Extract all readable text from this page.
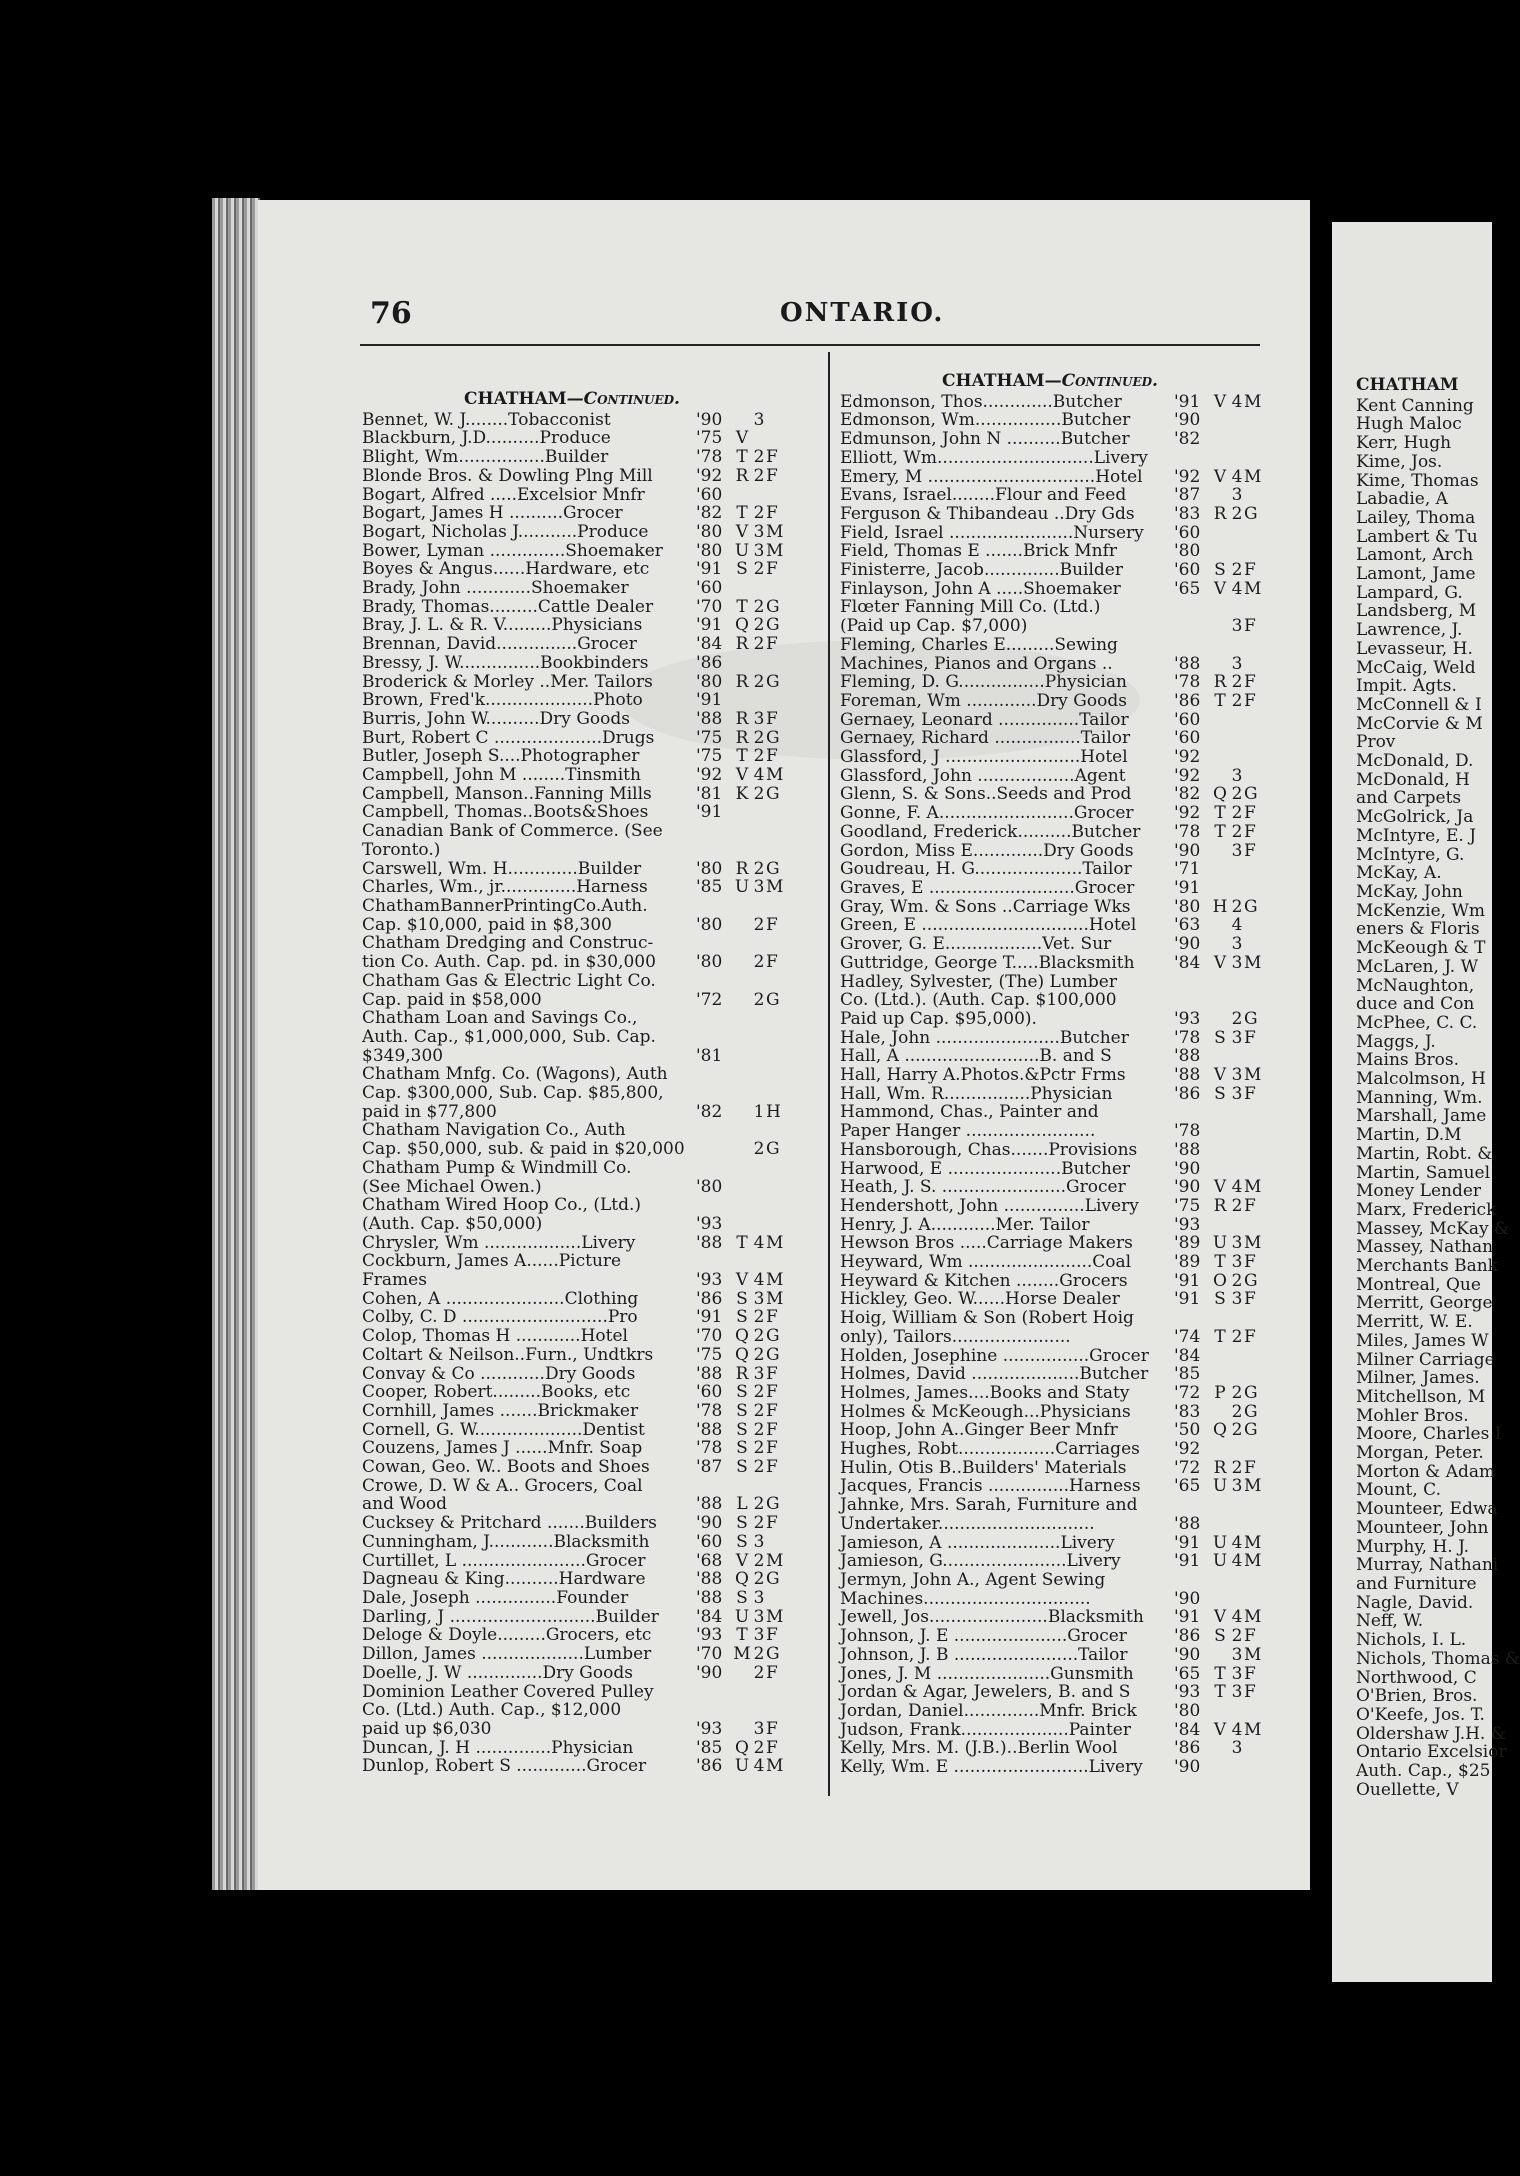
76	ONTARIO.
CHATHAM—Continued.
Bennet, W. J........Tobacconist	'90	3
Blackburn, J.D..........Produce	'75 V
Blight, Wm................Builder	'78 T 2 F
Blonde Bros. & Dowling Plng Mill	'92 R 2 F
Bogart, Alfred .....Excelsior Mnfr	'60
Bogart, James H ..........Grocer	'82 T 2 F
Bogart, Nicholas J...........Produce	'80 V 3 M
Bower, Lyman ..............Shoemaker	'80 U 3 M
Boyes & Angus......Hardware, etc	'91 S 2 F
Brady, John ............Shoemaker	'60
Brady, Thomas.........Cattle Dealer	'70 T 2 G
Bray, J. L. & R. V.........Physicians	'91 Q 2 G
Brennan, David...............Grocer	'84 R 2 F
Bressy, J. W...............Bookbinders	'86
Broderick & Morley ..Mer. Tailors	'80 R 2 G
Brown, Fred'k....................Photo	'91
Burris, John W..........Dry Goods	'88 R 3 F
Burt, Robert C ....................Drugs	'75 R 2 G
Butler, Joseph S....Photographer	'75 T 2 F
Campbell, John M ........Tinsmith	'92 V 4 M
Campbell, Manson..Fanning Mills	'81 K 2 G
Campbell, Thomas..Boots&Shoes	'91
Canadian Bank of Commerce. (See
Toronto.)
Carswell, Wm. H.............Builder	'80 R 2 G
Charles, Wm., jr..............Harness	'85 U 3 M
ChathamBannerPrintingCo.Auth.
Cap. $10,000, paid in $8,300	'80	2 F
Chatham Dredging and Construc-
tion Co. Auth. Cap. pd. in $30,000	'80	2 F
Chatham Gas & Electric Light Co.
Cap. paid in $58,000	'72	2 G
Chatham Loan and Savings Co.,
Auth. Cap., $1,000,000, Sub. Cap.
$349,300	'81
Chatham Mnfg. Co. (Wagons), Auth
Cap. $300,000, Sub. Cap. $85,800,
paid in $77,800	'82	1 H
Chatham Navigation Co., Auth
Cap. $50,000, sub. & paid in $20,000	2 G
Chatham Pump & Windmill Co.
(See Michael Owen.)	'80
Chatham Wired Hoop Co., (Ltd.)
(Auth. Cap. $50,000)	'93
Chrysler, Wm ..................Livery	'88 T 4 M
Cockburn, James A......Picture
Frames	'93 V 4 M
Cohen, A ......................Clothing	'86 S 3 M
Colby, C. D ...........................Pro	'91 S 2 F
Colop, Thomas H ............Hotel	'70 Q 2 G
Coltart & Neilson..Furn., Undtkrs	'75 Q 2 G
Convay & Co ............Dry Goods	'88 R 3 F
Cooper, Robert.........Books, etc	'60 S 2 F
Cornhill, James .......Brickmaker	'78 S 2 F
Cornell, G. W....................Dentist	'88 S 2 F
Couzens, James J ......Mnfr. Soap	'78 S 2 F
Cowan, Geo. W.. Boots and Shoes	'87 S 2 F
Crowe, D. W & A.. Grocers, Coal
and Wood	'88 L 2 G
Cucksey & Pritchard .......Builders	'90 S 2 F
Cunningham, J............Blacksmith	'60 S 3
Curtillet, L .......................Grocer	'68 V 2 M
Dagneau & King..........Hardware	'88 Q 2 G
Dale, Joseph ...............Founder	'88 S 3
Darling, J ...........................Builder	'84 U 3 M
Deloge & Doyle.........Grocers, etc	'93 T 3 F
Dillon, James ...................Lumber	'70 M 2 G
Doelle, J. W ..............Dry Goods	'90	2 F
Dominion Leather Covered Pulley
Co. (Ltd.) Auth. Cap., $12,000
paid up $6,030	'93	3 F
Duncan, J. H ..............Physician	'85 Q 2 F
Dunlop, Robert S .............Grocer	'86 U 4 M
CHATHAM—Continued.
Edmonson, Thos.............Butcher	'91 V 4 M
Edmonson, Wm................Butcher	'90
Edmunson, John N ..........Butcher	'82
Elliott, Wm.............................Livery
Emery, M ...............................Hotel	'92 V 4 M
Evans, Israel........Flour and Feed	'87	3
Ferguson & Thibandeau ..Dry Gds	'83 R 2 G
Field, Israel .......................Nursery	'60
Field, Thomas E .......Brick Mnfr	'80
Finisterre, Jacob..............Builder	'60 S 2 F
Finlayson, John A .....Shoemaker	'65 V 4 M
Flœter Fanning Mill Co. (Ltd.)
(Paid up Cap. $7,000)	3 F
Fleming, Charles E.........Sewing
Machines, Pianos and Organs ..	'88	3
Fleming, D. G................Physician	'78 R 2 F
Foreman, Wm .............Dry Goods	'86 T 2 F
Gernaey, Leonard ...............Tailor	'60
Gernaey, Richard ................Tailor	'60
Glassford, J .........................Hotel	'92
Glassford, John ..................Agent	'92	3
Glenn, S. & Sons..Seeds and Prod	'82 Q 2 G
Gonne, F. A.........................Grocer	'92 T 2 F
Goodland, Frederick..........Butcher	'78 T 2 F
Gordon, Miss E.............Dry Goods	'90	3 F
Goudreau, H. G....................Tailor	'71
Graves, E ...........................Grocer	'91
Gray, Wm. & Sons ..Carriage Wks	'80 H 2 G
Green, E ...............................Hotel	'63	4
Grover, G. E..................Vet. Sur	'90	3
Guttridge, George T.....Blacksmith	'84 V 3 M
Hadley, Sylvester, (The) Lumber
Co. (Ltd.). (Auth. Cap. $100,000
Paid up Cap. $95,000).	'93	2 G
Hale, John .......................Butcher	'78 S 3 F
Hall, A .........................B. and S	'88
Hall, Harry A.Photos.&Pctr Frms	'88 V 3 M
Hall, Wm. R................Physician	'86 S 3 F
Hammond, Chas., Painter and
Paper Hanger ........................	'78
Hansborough, Chas.......Provisions	'88
Harwood, E .....................Butcher	'90
Heath, J. S. .......................Grocer	'90 V 4 M
Hendershott, John ...............Livery	'75 R 2 F
Henry, J. A............Mer. Tailor	'93
Hewson Bros .....Carriage Makers	'89 U 3 M
Heyward, Wm .......................Coal	'89 T 3 F
Heyward & Kitchen ........Grocers	'91 O 2 G
Hickley, Geo. W......Horse Dealer	'91 S 3 F
Hoig, William & Son (Robert Hoig
only), Tailors......................	'74 T 2 F
Holden, Josephine ................Grocer	'84
Holmes, David ....................Butcher	'85
Holmes, James....Books and Staty	'72 P 2 G
Holmes & McKeough...Physicians	'83	2 G
Hoop, John A..Ginger Beer Mnfr	'50 Q 2 G
Hughes, Robt..................Carriages	'92
Hulin, Otis B..Builders' Materials	'72 R 2 F
Jacques, Francis ...............Harness	'65 U 3 M
Jahnke, Mrs. Sarah, Furniture and
Undertaker.............................	'88
Jamieson, A .....................Livery	'91 U 4 M
Jamieson, G.......................Livery	'91 U 4 M
Jermyn, John A., Agent Sewing
Machines...............................	'90
Jewell, Jos......................Blacksmith	'91 V 4 M
Johnson, J. E .....................Grocer	'86 S 2 F
Johnson, J. B .......................Tailor	'90	3 M
Jones, J. M .....................Gunsmith	'65 T 3 F
Jordan & Agar, Jewelers, B. and S	'93 T 3 F
Jordan, Daniel..............Mnfr. Brick	'80
Judson, Frank....................Painter	'84 V 4 M
Kelly, Mrs. M. (J.B.)..Berlin Wool	'86	3
Kelly, Wm. E .........................Livery	'90
CHATHAM
Kent Canning
Hugh Maloc
Kerr, Hugh
Kime, Jos.
Kime, Thomas
Labadie, A
Lailey, Thoma
Lambert & Tu
Lamont, Arch
Lamont, Jame
Lampard, G.
Landsberg, M
Lawrence, J.
Levasseur, H.
McCaig, Weld
Impit. Agts.
McConnell & I
McCorvie & M
Prov
McDonald, D.
McDonald, H
and Carpets
McGolrick, Ja
McIntyre, E. J
McIntyre, G.
McKay, A.
McKay, John
McKenzie, Wm
eners & Floris
McKeough & T
McLaren, J. W
McNaughton,
duce and Con
McPhee, C. C.
Maggs, J.
Mains Bros.
Malcolmson, H
Manning, Wm.
Marshall, Jame
Martin, D.M
Martin, Robt. &
Martin, Samuel
Money Lender
Marx, Frederick
Massey, McKay &
Massey, Nathan
Merchants Bank
Montreal, Que
Merritt, George
Merritt, W. E.
Miles, James W
Milner Carriage
Milner, James.
Mitchellson, M
Mohler Bros.
Moore, Charles I
Morgan, Peter.
Morton & Adam
Mount, C.
Mounteer, Edwa
Mounteer, John
Murphy, H. J.
Murray, Nathani
and Furniture
Nagle, David.
Neff, W.
Nichols, I. L.
Nichols, Thomas &
Northwood, C
O'Brien, Bros.
O'Keefe, Jos. T.
Oldershaw J.H. &
Ontario Excelsior
Auth. Cap., $25
Ouellette, V
